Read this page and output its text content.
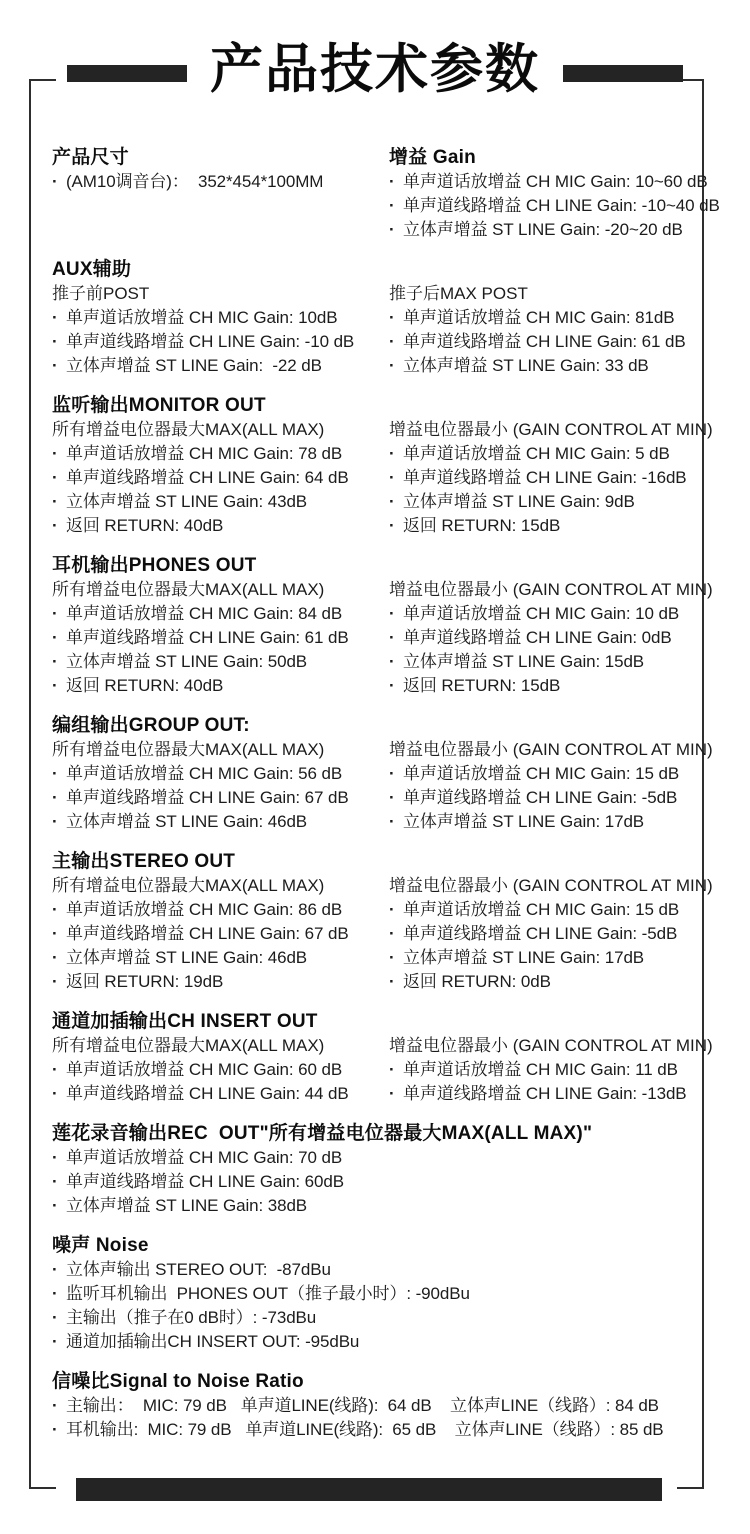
产品技术参数
产品尺寸
·
(AM10调音台)：  352*454*100MM
增益 Gain
·
单声道话放增益 CH MIC Gain: 10~60 dB
·
单声道线路增益 CH LINE Gain: -10~40 dB
·
立体声增益 ST LINE Gain: -20~20 dB
AUX辅助
推子前POST
·
单声道话放增益 CH MIC Gain: 10dB
·
单声道线路增益 CH LINE Gain: -10 dB
·
立体声增益 ST LINE Gain:  -22 dB
推子后MAX POST
·
单声道话放增益 CH MIC Gain: 81dB
·
单声道线路增益 CH LINE Gain: 61 dB
·
立体声增益 ST LINE Gain: 33 dB
监听输出MONITOR OUT
所有增益电位器最大MAX(ALL MAX)
·
单声道话放增益 CH MIC Gain: 78 dB
·
单声道线路增益 CH LINE Gain: 64 dB
·
立体声增益 ST LINE Gain: 43dB
·
返回 RETURN: 40dB
增益电位器最小 (GAIN CONTROL AT MIN)
·
单声道话放增益 CH MIC Gain: 5 dB
·
单声道线路增益 CH LINE Gain: -16dB
·
立体声增益 ST LINE Gain: 9dB
·
返回 RETURN: 15dB
耳机输出PHONES OUT
所有增益电位器最大MAX(ALL MAX)
·
单声道话放增益 CH MIC Gain: 84 dB
·
单声道线路增益 CH LINE Gain: 61 dB
·
立体声增益 ST LINE Gain: 50dB
·
返回 RETURN: 40dB
增益电位器最小 (GAIN CONTROL AT MIN)
·
单声道话放增益 CH MIC Gain: 10 dB
·
单声道线路增益 CH LINE Gain: 0dB
·
立体声增益 ST LINE Gain: 15dB
·
返回 RETURN: 15dB
编组输出GROUP OUT:
所有增益电位器最大MAX(ALL MAX)
·
单声道话放增益 CH MIC Gain: 56 dB
·
单声道线路增益 CH LINE Gain: 67 dB
·
立体声增益 ST LINE Gain: 46dB
增益电位器最小 (GAIN CONTROL AT MIN)
·
单声道话放增益 CH MIC Gain: 15 dB
·
单声道线路增益 CH LINE Gain: -5dB
·
立体声增益 ST LINE Gain: 17dB
主输出STEREO OUT
所有增益电位器最大MAX(ALL MAX)
·
单声道话放增益 CH MIC Gain: 86 dB
·
单声道线路增益 CH LINE Gain: 67 dB
·
立体声增益 ST LINE Gain: 46dB
·
返回 RETURN: 19dB
增益电位器最小 (GAIN CONTROL AT MIN)
·
单声道话放增益 CH MIC Gain: 15 dB
·
单声道线路增益 CH LINE Gain: -5dB
·
立体声增益 ST LINE Gain: 17dB
·
返回 RETURN: 0dB
通道加插输出CH INSERT OUT
所有增益电位器最大MAX(ALL MAX)
·
单声道话放增益 CH MIC Gain: 60 dB
·
单声道线路增益 CH LINE Gain: 44 dB
增益电位器最小 (GAIN CONTROL AT MIN)
·
单声道话放增益 CH MIC Gain: 11 dB
·
单声道线路增益 CH LINE Gain: -13dB
莲花录音输出REC  OUT"所有增益电位器最大MAX(ALL MAX)"
·
单声道话放增益 CH MIC Gain: 70 dB
·
单声道线路增益 CH LINE Gain: 60dB
·
立体声增益 ST LINE Gain: 38dB
噪声 Noise
·
立体声输出 STEREO OUT:  -87dBu
·
监听耳机输出  PHONES OUT（推子最小时）: -90dBu
·
主输出（推子在0 dB时）: -73dBu
·
通道加插输出CH INSERT OUT: -95dBu
信噪比Signal to Noise Ratio
·
主输出：  MIC: 79 dB   单声道LINE(线路):  64 dB    立体声LINE（线路）: 84 dB
·
耳机输出:  MIC: 79 dB   单声道LINE(线路):  65 dB    立体声LINE（线路）: 85 dB
